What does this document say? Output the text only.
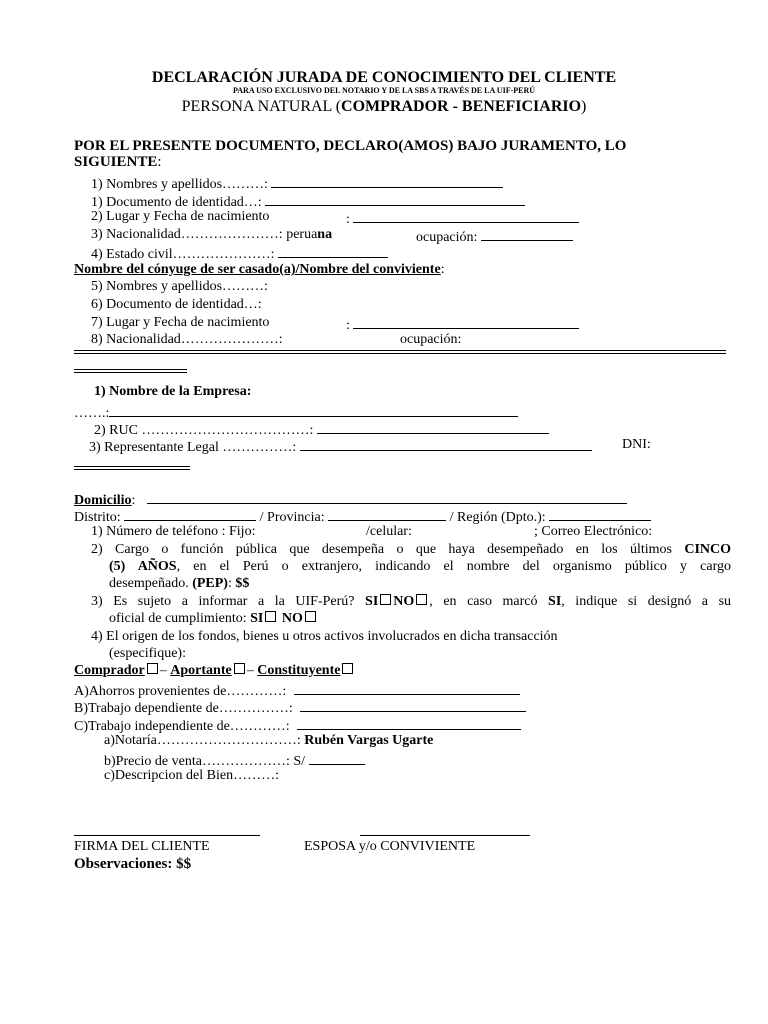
DECLARACIÓN JURADA DE CONOCIMIENTO DEL CLIENTE
PARA USO EXCLUSIVO DEL NOTARIO Y DE LA SBS A TRAVÉS DE LA UIF-PERÚ
PERSONA NATURAL (COMPRADOR - BENEFICIARIO)
POR EL PRESENTE DOCUMENTO, DECLARO(AMOS) BAJO JURAMENTO, LO
SIGUIENTE:
1) Nombres y apellidos………:
1) Documento de identidad…:
2) Lugar y Fecha de nacimiento	:
3) Nacionalidad…………………: peruana	ocupación:
4) Estado civil…………………:
Nombre del cónyuge de ser casado(a)/Nombre del conviviente:
5) Nombres y apellidos………:
6) Documento de identidad…:
7) Lugar y Fecha de nacimiento	:
8) Nacionalidad…………………:	ocupación:
1) Nombre de la Empresa:
…….:
2) RUC ………………………………:
3) Representante Legal ……………:	DNI:
Domicilio:
Distrito:	/ Provincia:	/ Región (Dpto.):
1) Número de teléfono : Fijo:	/celular:	; Correo Electrónico:
2) Cargo o función pública que desempeña o que haya desempeñado en los últimos CINCO
(5) AÑOS, en el Perú o extranjero, indicando el nombre del organismo público y cargo
desempeñado. (PEP): $$
3) Es sujeto a informar a la UIF-Perú? SI NO , en caso marcó SI, indique si designó a su
oficial de cumplimiento: SI NO
4) El origen de los fondos, bienes u otros activos involucrados en dicha transacción
(especifique):
Comprador – Aportante – Constituyente
A)Ahorros provenientes de…………:
B)Trabajo dependiente de……………:
C)Trabajo independiente de…………:
a)Notaría…………………………: Rubén Vargas Ugarte
b)Precio de venta………………: S/
c)Descripcion del Bien………:
FIRMA DEL CLIENTE	ESPOSA y/o CONVIVIENTE
Observaciones: $$
